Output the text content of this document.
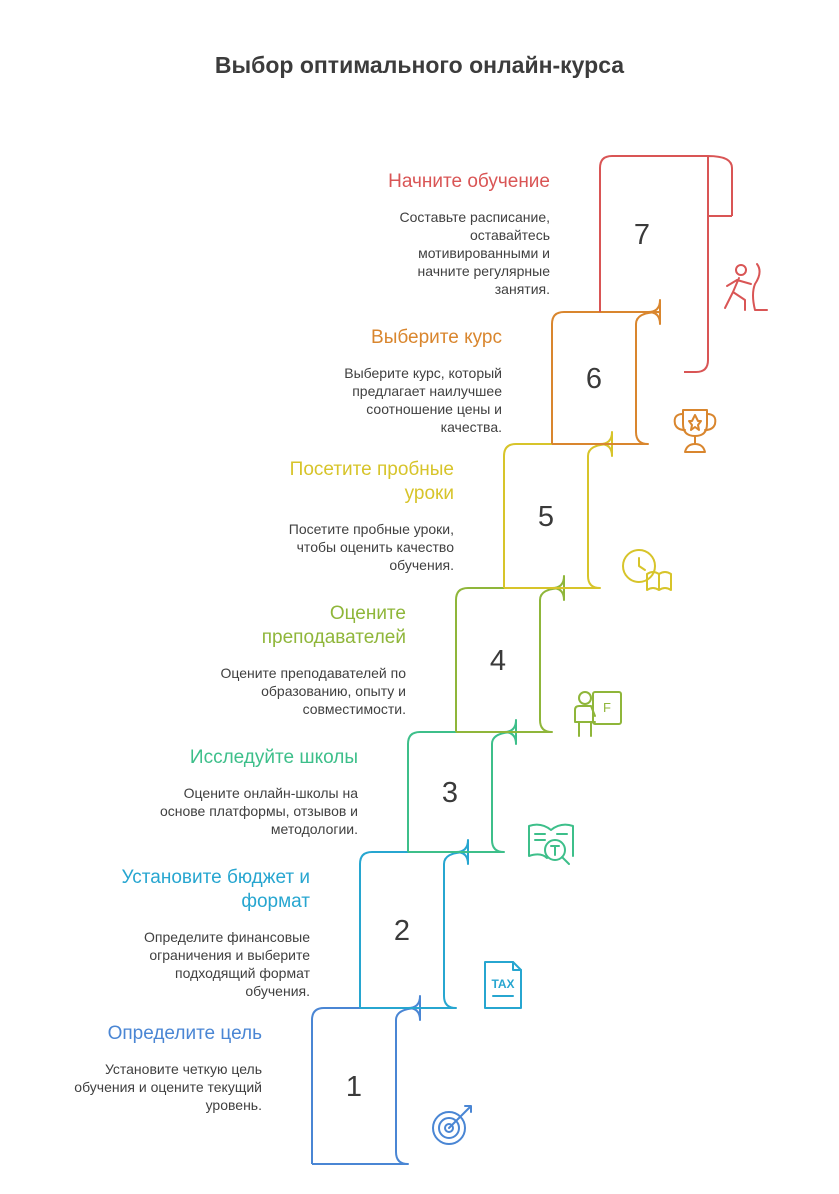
Выбор оптимального онлайн-курса
1
2
TAX
3
4
F
5
6
7
Определите цель
Установите четкую цель обучения и оцените текущий уровень.
Установите бюджет и формат
Определите финансовые ограничения и выберите подходящий формат обучения.
Исследуйте школы
Оцените онлайн-школы на основе платформы, отзывов и методологии.
Оцените преподавателей
Оцените преподавателей по образованию, опыту и совместимости.
Посетите пробные уроки
Посетите пробные уроки, чтобы оценить качество обучения.
Выберите курс
Выберите курс, который предлагает наилучшее соотношение цены и качества.
Начните обучение
Составьте расписание, оставайтесь мотивированными и начните регулярные занятия.
